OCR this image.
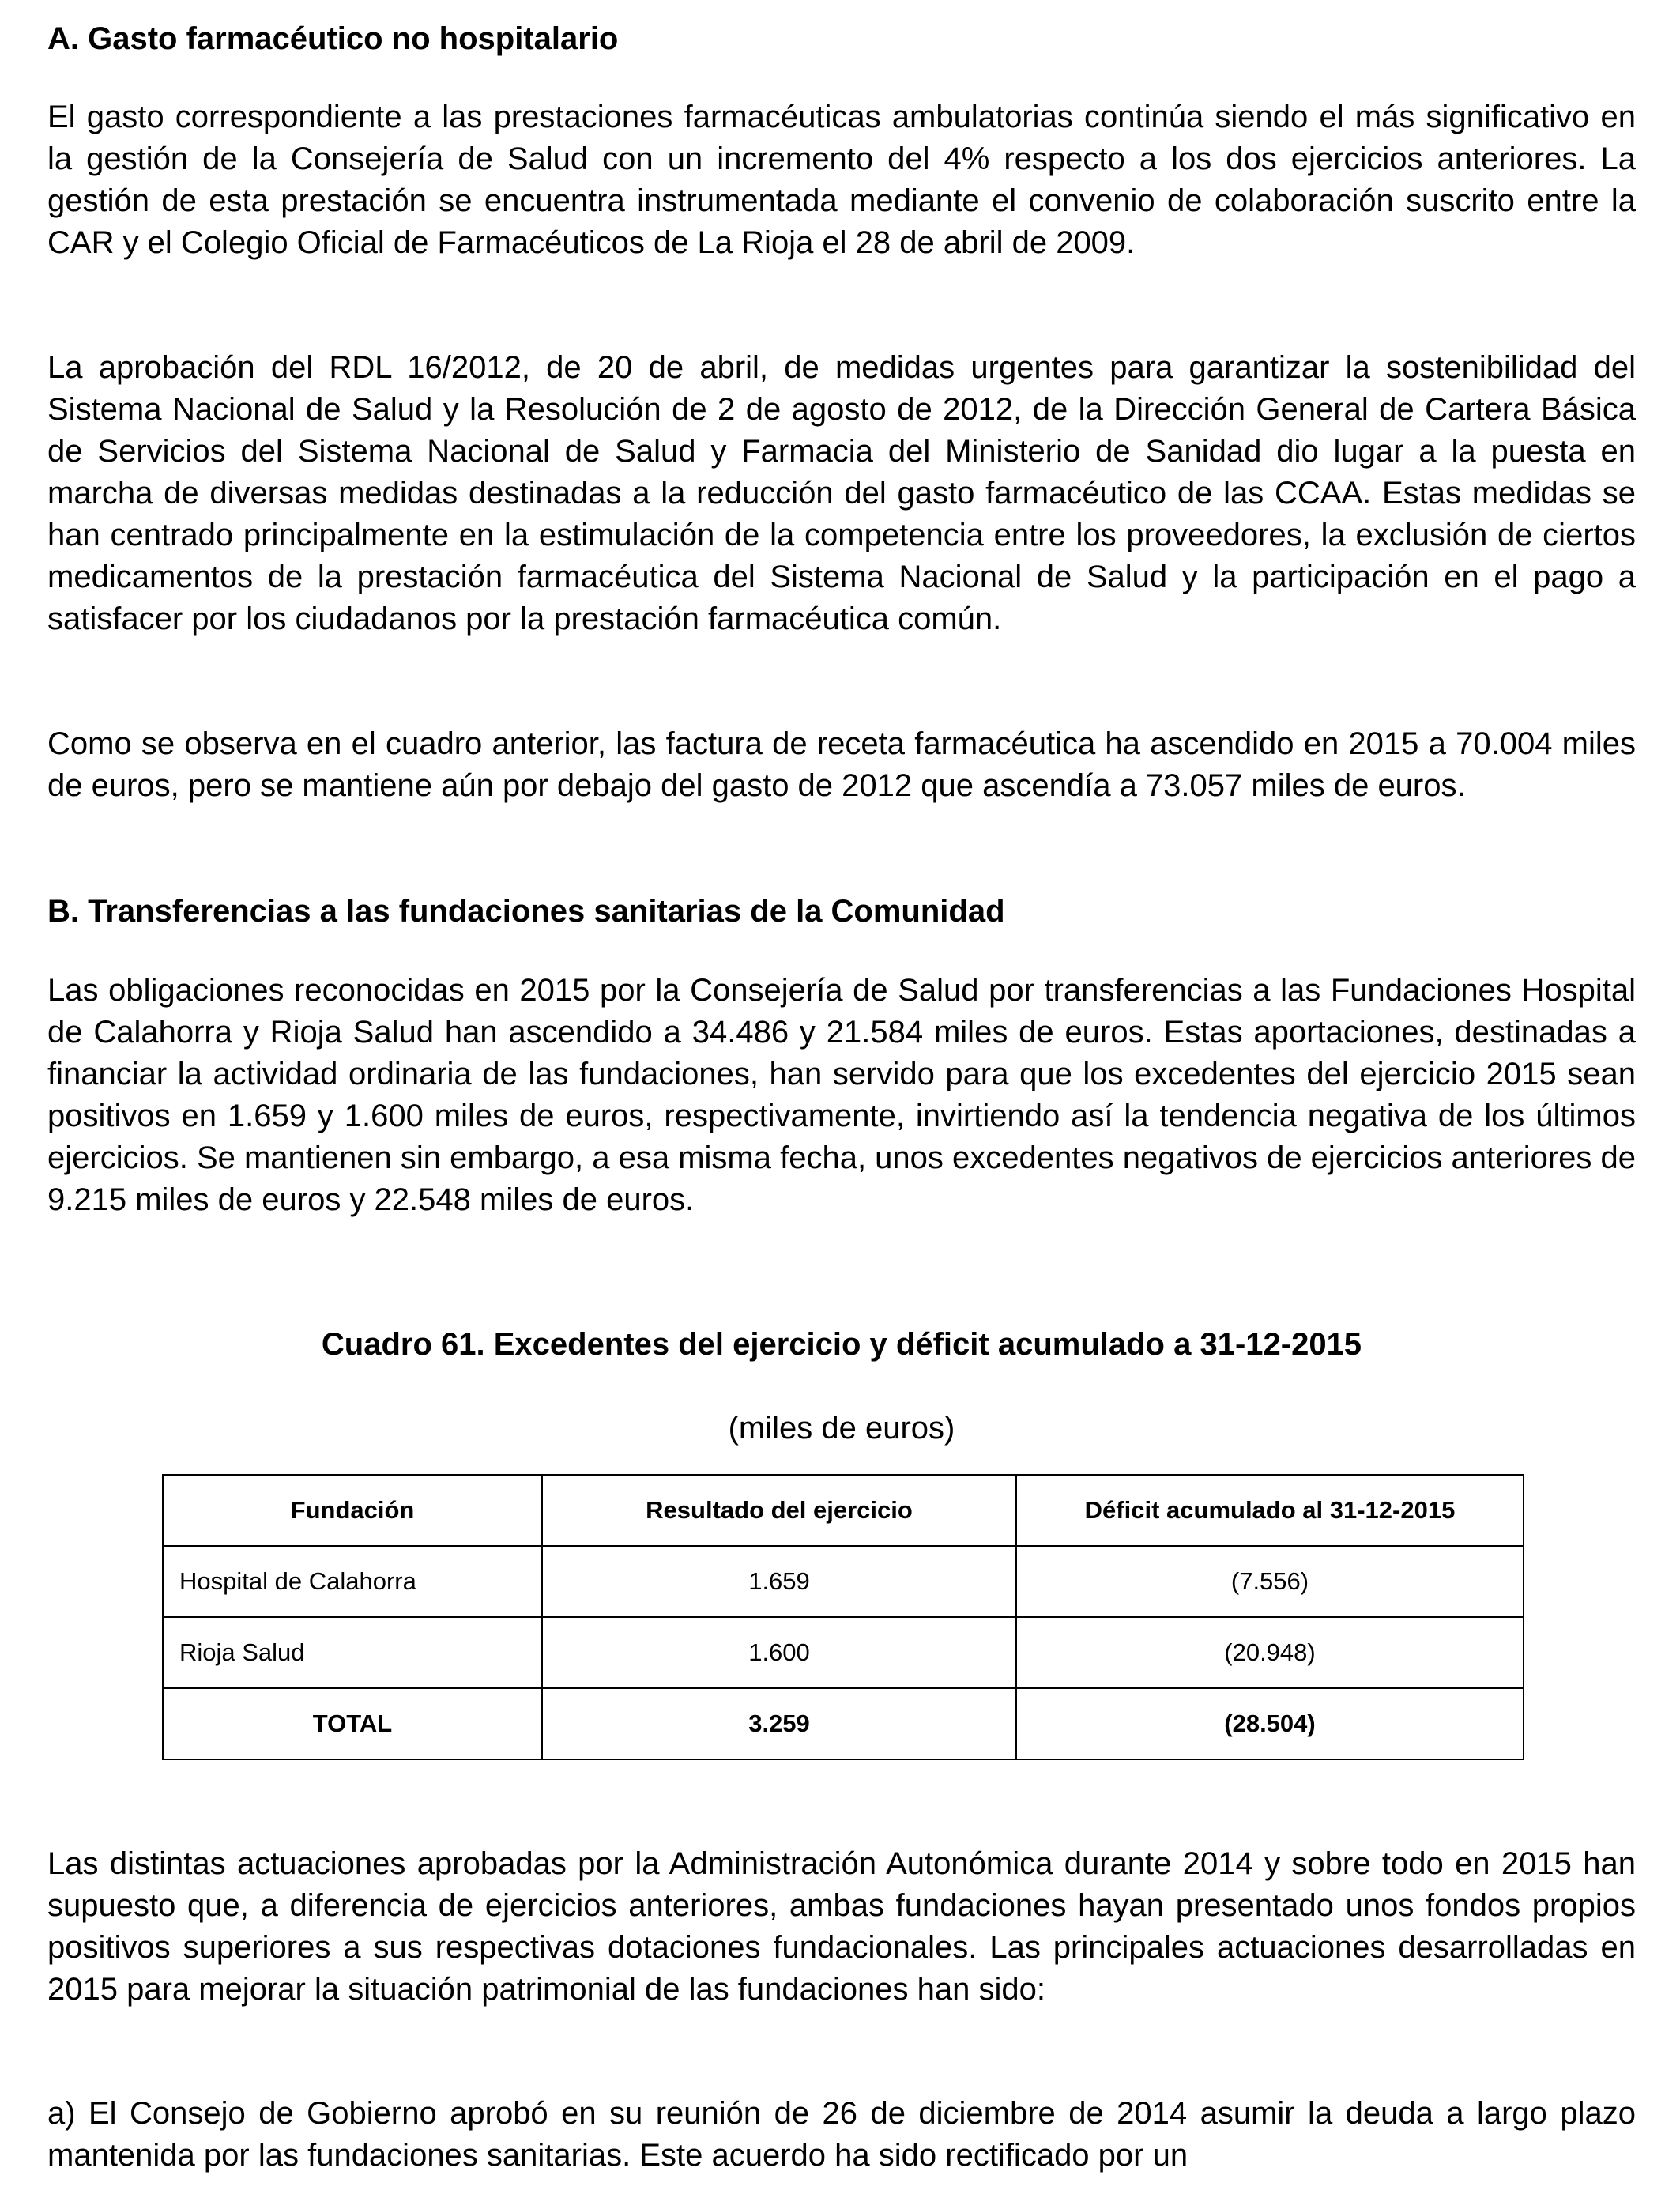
A. Gasto farmacéutico no hospitalario

El gasto correspondiente a las prestaciones farmacéuticas ambulatorias continúa siendo el más significativo en la gestión de la Consejería de Salud con un incremento del 4% respecto a los dos ejercicios anteriores. La gestión de esta prestación se encuentra instrumentada mediante el convenio de colaboración suscrito entre la CAR y el Colegio Oficial de Farmacéuticos de La Rioja el 28 de abril de 2009.

La aprobación del RDL 16/2012, de 20 de abril, de medidas urgentes para garantizar la sostenibilidad del Sistema Nacional de Salud y la Resolución de 2 de agosto de 2012, de la Dirección General de Cartera Básica de Servicios del Sistema Nacional de Salud y Farmacia del Ministerio de Sanidad dio lugar a la puesta en marcha de diversas medidas destinadas a la reducción del gasto farmacéutico de las CCAA. Estas medidas se han centrado principalmente en la estimulación de la competencia entre los proveedores, la exclusión de ciertos medicamentos de la prestación farmacéutica del Sistema Nacional de Salud y la participación en el pago a satisfacer por los ciudadanos por la prestación farmacéutica común.

Como se observa en el cuadro anterior, las factura de receta farmacéutica ha ascendido en 2015 a 70.004 miles de euros, pero se mantiene aún por debajo del gasto de 2012 que ascendía a 73.057 miles de euros.

B. Transferencias a las fundaciones sanitarias de la Comunidad

Las obligaciones reconocidas en 2015 por la Consejería de Salud por transferencias a las Fundaciones Hospital de Calahorra y Rioja Salud han ascendido a 34.486 y 21.584 miles de euros. Estas aportaciones, destinadas a financiar la actividad ordinaria de las fundaciones, han servido para que los excedentes del ejercicio 2015 sean positivos en 1.659 y 1.600 miles de euros, respectivamente, invirtiendo así la tendencia negativa de los últimos ejercicios. Se mantienen sin embargo, a esa misma fecha, unos excedentes negativos de ejercicios anteriores de 9.215 miles de euros y 22.548 miles de euros.

Cuadro 61. Excedentes del ejercicio y déficit acumulado a 31-12-2015
(miles de euros)
Fundación	Resultado del ejercicio	Déficit acumulado al 31-12-2015
Hospital de Calahorra	1.659	(7.556)
Rioja Salud	1.600	(20.948)
TOTAL	3.259	(28.504)

Las distintas actuaciones aprobadas por la Administración Autonómica durante 2014 y sobre todo en 2015 han supuesto que, a diferencia de ejercicios anteriores, ambas fundaciones hayan presentado unos fondos propios positivos superiores a sus respectivas dotaciones fundacionales. Las principales actuaciones desarrolladas en 2015 para mejorar la situación patrimonial de las fundaciones han sido:

a) El Consejo de Gobierno aprobó en su reunión de 26 de diciembre de 2014 asumir la deuda a largo plazo mantenida por las fundaciones sanitarias. Este acuerdo ha sido rectificado por un
